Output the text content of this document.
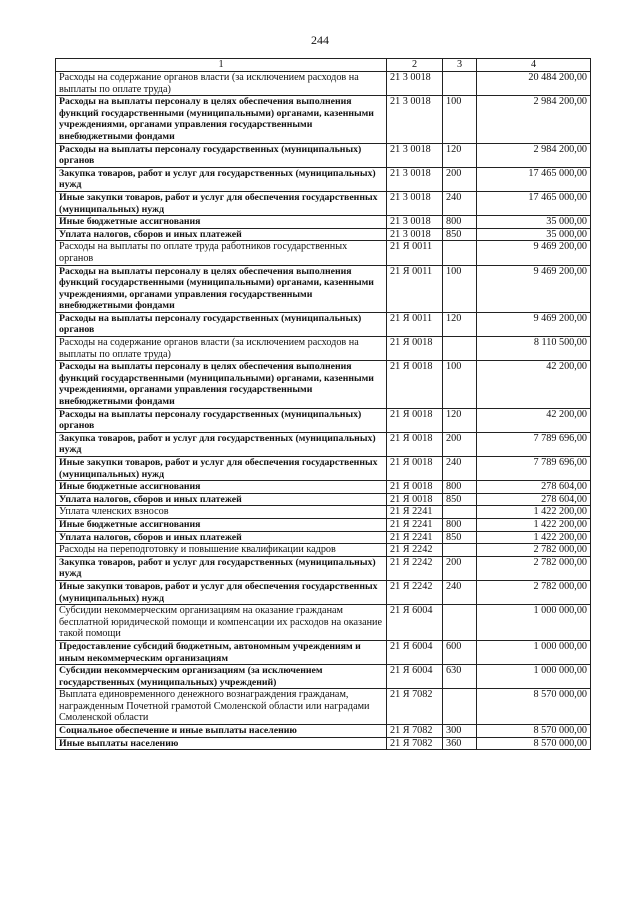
244
1	2	3	4
Расходы на содержание органов власти (за исключением расходов на выплаты по оплате труда)	21 3 0018		20 484 200,00
Расходы на выплаты персоналу в целях обеспечения выполнения функций государственными (муниципальными) органами, казенными учреждениями, органами управления государственными внебюджетными фондами	21 3 0018	100	2 984 200,00
Расходы на выплаты персоналу государственных (муниципальных) органов	21 3 0018	120	2 984 200,00
Закупка товаров, работ и услуг для государственных (муниципальных) нужд	21 3 0018	200	17 465 000,00
Иные закупки товаров, работ и услуг для обеспечения государственных (муниципальных) нужд	21 3 0018	240	17 465 000,00
Иные бюджетные ассигнования	21 3 0018	800	35 000,00
Уплата налогов, сборов и иных платежей	21 3 0018	850	35 000,00
Расходы на выплаты по оплате труда работников государственных органов	21 Я 0011		9 469 200,00
Расходы на выплаты персоналу в целях обеспечения выполнения функций государственными (муниципальными) органами, казенными учреждениями, органами управления государственными внебюджетными фондами	21 Я 0011	100	9 469 200,00
Расходы на выплаты персоналу государственных (муниципальных) органов	21 Я 0011	120	9 469 200,00
Расходы на содержание органов власти (за исключением расходов на выплаты по оплате труда)	21 Я 0018		8 110 500,00
Расходы на выплаты персоналу в целях обеспечения выполнения функций государственными (муниципальными) органами, казенными учреждениями, органами управления государственными внебюджетными фондами	21 Я 0018	100	42 200,00
Расходы на выплаты персоналу государственных (муниципальных) органов	21 Я 0018	120	42 200,00
Закупка товаров, работ и услуг для государственных (муниципальных) нужд	21 Я 0018	200	7 789 696,00
Иные закупки товаров, работ и услуг для обеспечения государственных (муниципальных) нужд	21 Я 0018	240	7 789 696,00
Иные бюджетные ассигнования	21 Я 0018	800	278 604,00
Уплата налогов, сборов и иных платежей	21 Я 0018	850	278 604,00
Уплата членских взносов	21 Я 2241		1 422 200,00
Иные бюджетные ассигнования	21 Я 2241	800	1 422 200,00
Уплата налогов, сборов и иных платежей	21 Я 2241	850	1 422 200,00
Расходы на переподготовку и повышение квалификации кадров	21 Я 2242		2 782 000,00
Закупка товаров, работ и услуг для государственных (муниципальных) нужд	21 Я 2242	200	2 782 000,00
Иные закупки товаров, работ и услуг для обеспечения государственных (муниципальных) нужд	21 Я 2242	240	2 782 000,00
Субсидии некоммерческим организациям на оказание гражданам бесплатной юридической помощи и компенсации их расходов на оказание такой помощи	21 Я 6004		1 000 000,00
Предоставление субсидий бюджетным, автономным учреждениям и иным некоммерческим организациям	21 Я 6004	600	1 000 000,00
Субсидии некоммерческим организациям (за исключением государственных (муниципальных) учреждений)	21 Я 6004	630	1 000 000,00
Выплата единовременного денежного вознаграждения гражданам, награжденным Почетной грамотой Смоленской области или наградами Смоленской области	21 Я 7082		8 570 000,00
Социальное обеспечение и иные выплаты населению	21 Я 7082	300	8 570 000,00
Иные выплаты населению	21 Я 7082	360	8 570 000,00
